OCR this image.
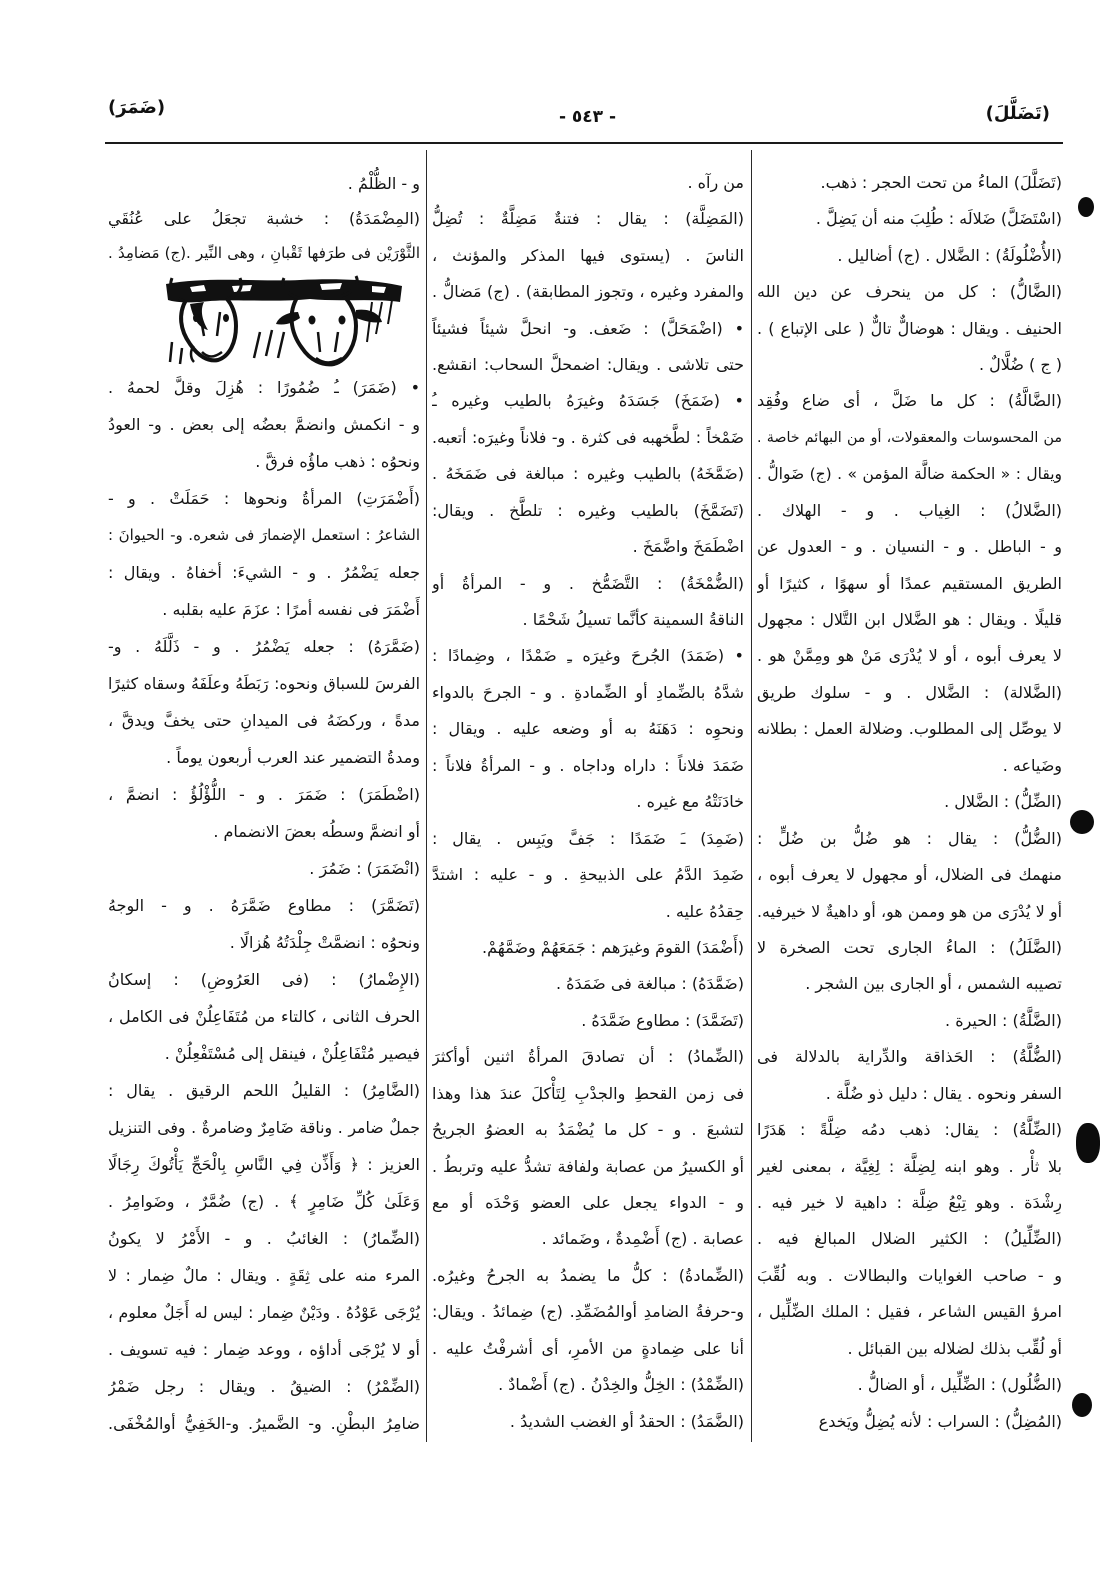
(تَضَلَّلَ)
- ٥٤٣ -
(ضَمَرَ)
(تَضَلَّلَ) الماءُ من تحت الحجر : ذهب.
(اسْتَضَلَّ) ضَلالَه : طُلِبَ منه أن يَضِلَّ .
(الأُضْلُولَةُ) : الضَّلال . (ج) أضاليل .
(الضَّالُّ) : كل من ينحرف عن دين الله
الحنيف . ويقال : هوضالٌّ تالٌّ ( على الإتباع ) .
( ج ) ضُلَّالٌ .
(الضَّالَّةُ) : كل ما ضَلَّ ، أى ضاع وفُقِد
من المحسوسات والمعقولات، أو من البهائم خاصة .
ويقال : « الحكمة ضالَّة المؤمن » . (ج) ضَوالُّ .
(الضَّلالُ) : الغِياب . و - الهلاك .
و - الباطل . و - النسيان . و - العدول عن
الطريق المستقيم عمدًا أو سهوًا ، كثيرًا أو
قليلًا . ويقال : هو الضَّلال ابن التَّلال : مجهول
لا يعرف أبوه ، أو لا يُدْرَى مَنْ هو ومِمَّنْ هو .
(الضَّلالة) : الضَّلال . و - سلوك طريق
لا يوصِّل إلى المطلوب. وضلالة العمل : بطلانه
وضَياعه .
(الضِّلُّ) : الضَّلال .
(الضُّلُّ) : يقال : هو ضُلُّ بن ضُلٍّ :
منهمك فى الضلال، أو مجهول لا يعرف أبوه ،
أو لا يُدْرَى من هو وممن هو، أو داهيةٌ لا خيرفيه.
(الضَّلَلُ) : الماءُ الجارى تحت الصخرة لا
تصيبه الشمس ، أو الجارى بين الشجر .
(الضَّلَّةُ) : الحيرة .
(الضُّلَّةُ) : الحَذاقة والدِّراية بالدلالة فى
السفر ونحوه . يقال : دليل ذو ضُلَّة .
(الضِّلَّةُ) : يقال: ذهب دمُه ضِلَّةً : هَدَرًا
بلا ثأْر . وهو ابنه لِضِلَّة : لِغِيَّة ، بمعنى لغير
رِشْدَة . وهو تِبْعُ ضِلَّة : داهية لا خير فيه .
(الضِّلِّيلُ) : الكثير الضلال المبالغ فيه .
و - صاحب الغوايات والبطالات . وبه لُقِّبَ
امرؤ القيس الشاعر ، فقيل : الملك الضِّلِّيل ،
أو لُقِّب بذلك لضلاله بين القبائل .
(الضُّلُول) : الضِّلِّيل ، أو الضالُّ .
(المُضِلُّ) : السراب : لأنه يُضِلُّ ويَخدع
من رآه .
(المَضِلَّة) : يقال : فتنةٌ مَضِلَّةٌ : تُضِلُّ
الناسَ . (يستوى فيها المذكر والمؤنث ،
والمفرد وغيره ، وتجوز المطابقة) . (ج) مَضالُّ .
• (اضْمَحَلَّ) : ضَعف. و- انحلَّ شيئاً فشيئاً
حتى تلاشى . ويقال: اضمحلَّ السحاب: انقشع.
• (ضَمَخَ) جَسَدَهُ وغيرَهُ بالطيب وغيره ـُ
ضَمْخاً : لطَّخهبه فى كثرة . و- فلاناً وغيرَه: أتعبه.
(ضَمَّخَهُ) بالطيب وغيره : مبالغة فى ضَمَخَهُ .
(تَضَمَّخَ) بالطيب وغيره : تلطَّخ . ويقال:
اضْطَمَخَ واضَّمَخَ .
(الضُّمْخَةُ) : التَّضَمُّخ . و - المرأةُ أو
الناقةُ السمينة كأنَّما تسيلُ شَحْمًا .
• (ضَمَدَ) الجُرحَ وغيرَه ـِ ضَمْدًا ، وضِمادًا :
شدَّهُ بالضِّمادِ أو الضِّمادةِ . و - الجرحَ بالدواء
ونحوِه : دَهَنَهُ به أو وضعه عليه . ويقال :
ضَمَدَ فلاناً : داراه وداجاه . و - المرأةُ فلاناً :
خادَنَتْهُ مع غيره .
(ضَمِدَ) ـَ ضَمَدًا : جَفَّ ويَبِس . يقال :
ضَمِدَ الدَّمُ على الذبيحةِ . و - عليه : اشتدَّ
حِقدُهُ عليه .
(أَضْمَدَ) القومَ وغيرَهم : جَمَعَهُمْ وضَمَّهُمْ.
(ضَمَّدَهُ) : مبالغة فى ضَمَدَهُ .
(تَضَمَّدَ) : مطاوع ضَمَّدَهُ .
(الضِّمادُ) : أن تصادقَ المرأةُ اثنين أوأكثرَ
فى زمن القحطِ والجدْبِ لِتَأْكلَ عندَ هذا وهذا
لتشبعَ . و - كل ما يُضْمَدُ به العضوُ الجريحُ
أو الكسيرُ من عصابة ولفافة تشدُّ عليه وتربطُ .
و - الدواء يجعل على العضو وَحْدَه أو مع
عصابة . (ج) أَضْمِدةٌ ، وضَمائد .
(الضِّمادةُ) : كلُّ ما يضمدُ به الجرحُ وغيرُه.
و-حرفةُ الضامدِ أوالمُضَمِّدِ. (ج) ضِمائدُ . ويقال:
أنا على ضِمادةٍ من الأمرِ، أى أشرفْتُ عليه .
(الضِّمْدُ) : الخِلُّ والخِدْنُ . (ج) أَضْمادٌ .
(الضَّمَدُ) : الحقدُ أو الغضب الشديدُ .
و - الظُّلْمُ .
(المِضْمَدَةُ) : خشبة تجعَلُ على عُنُقَي
الثَّوْرَيْن فى طرَفها ثَقْبانِ ، وهى النِّير .(ج) مَضامِدُ .
• (ضَمَرَ) ـُ ضُمُورًا : هُزِلَ وقلَّ لحمهُ .
و - انكمش وانضمَّ بعضُه إلى بعض . و- العودُ
ونحوُه : ذهب ماؤُه فرقَّ .
(أَضْمَرَتِ) المرأةُ ونحوها : حَمَلَتْ . و -
الشاعرُ : استعمل الإضمارَ فى شعره. و- الحيوانَ :
جعله يَضْمُرُ . و - الشيءَ: أخفاهُ . ويقال :
أَضْمَرَ فى نفسه أمرًا : عزَمَ عليه بقلبه .
(ضَمَّرَهُ) : جعله يَضْمُرُ . و - ذَلَّلَهُ . و-
الفرسَ للسباق ونحوه: رَبَطَهُ وعلَفَهُ وسقاه كثيرًا
مدةً ، وركضَهُ فى الميدانِ حتى يخفَّ ويدقَّ ،
ومدةُ التضمير عند العرب أربعون يوماً .
(اضْطَمَرَ) : ضَمَرَ . و - اللُّؤْلُؤُ : انضمَّ ،
أو انضمَّ وسطُه بعضَ الانضمام .
(انْضَمَرَ) : ضَمُرَ .
(تَضَمَّرَ) : مطاوع ضَمَّرَهُ . و - الوجهُ
ونحوُه : انضمَّتْ جِلْدَتُهُ هُزالًا .
(الإِضْمارُ) : (فى العَرُوضِ) : إسكانُ
الحرف الثانى ، كالتاء من مُتَفَاعِلُنْ فى الكامل ،
فيصير مُتْفَاعِلُنْ ، فينقل إلى مُسْتَفْعِلُنْ .
(الضَّامِرُ) : القليلُ اللحم الرقيق . يقال :
جملٌ ضامر . وناقة ضَامِرٌ وضامرةٌ . وفى التنزيل
العزيز : ﴿ وَأَذِّن فِي النَّاسِ بِالْحَجِّ يَأْتُوكَ رِجَالًا
وَعَلَىٰ كُلِّ ضَامِرٍ ﴾ . (ج) ضُمَّرٌ ، وضَوامِرُ .
(الضِّمارُ) : الغائبُ . و - الأَمْرُ لا يكونُ
المرء منه على ثِقَةٍ . ويقال : مالٌ ضِمار : لا
يُرْجَى عَوْدُهُ . ودَيْنٌ ضِمار : ليس له أَجَلٌ معلوم ،
أو لا يُرْجَى أداؤه ، ووعد ضِمار : فيه تسويف .
(الضِّمْرُ) : الضيقُ . ويقال : رجل ضَمْرُ
ضامِرُ البطْنِ. و- الضَّميرُ. و-الخَفِيُّ أوالمُخْفَى.
